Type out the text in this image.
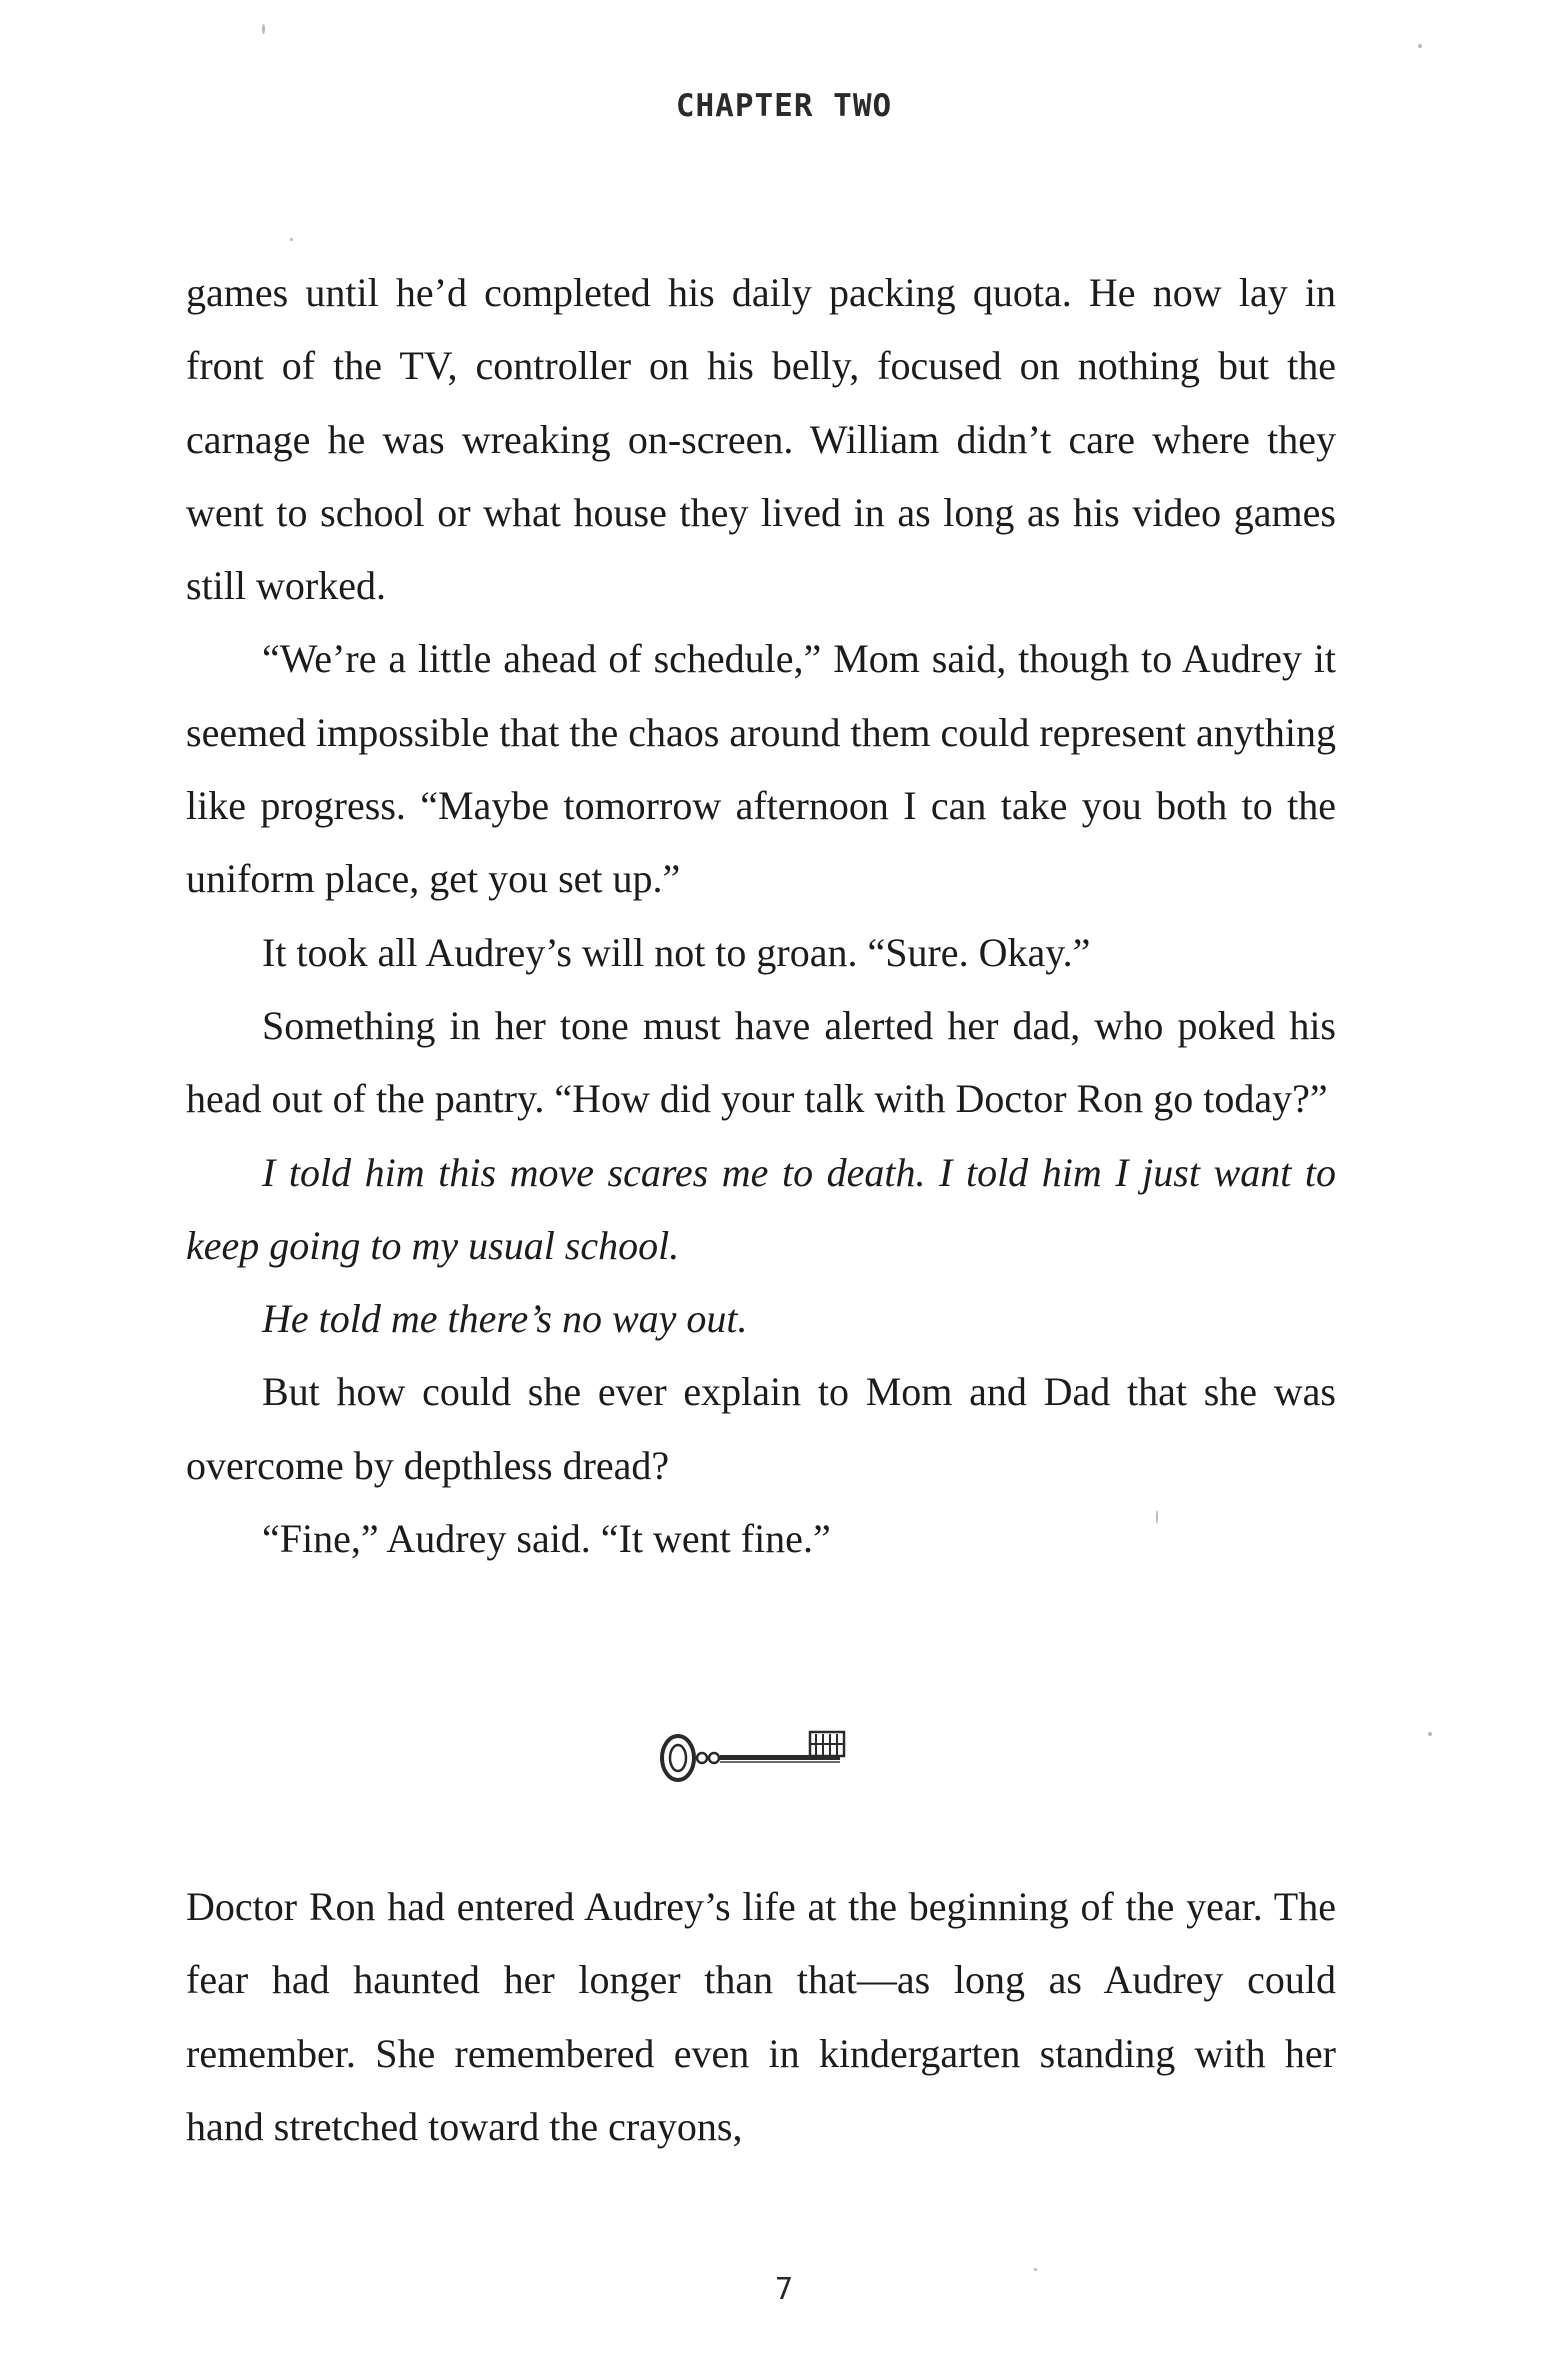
CHAPTER TWO

games until he’d completed his daily packing quota. He now lay in front of the TV, controller on his belly, focused on nothing but the carnage he was wreaking on-screen. William didn’t care where they went to school or what house they lived in as long as his video games still worked.

“We’re a little ahead of schedule,” Mom said, though to Audrey it seemed impossible that the chaos around them could represent anything like progress. “Maybe tomorrow afternoon I can take you both to the uniform place, get you set up.”

It took all Audrey’s will not to groan. “Sure. Okay.”

Something in her tone must have alerted her dad, who poked his head out of the pantry. “How did your talk with Doctor Ron go today?”

I told him this move scares me to death. I told him I just want to keep going to my usual school.

He told me there’s no way out.

But how could she ever explain to Mom and Dad that she was overcome by depthless dread?

“Fine,” Audrey said. “It went fine.”

Doctor Ron had entered Audrey’s life at the beginning of the year. The fear had haunted her longer than that—as long as Audrey could remember. She remembered even in kindergarten standing with her hand stretched toward the crayons,

7
